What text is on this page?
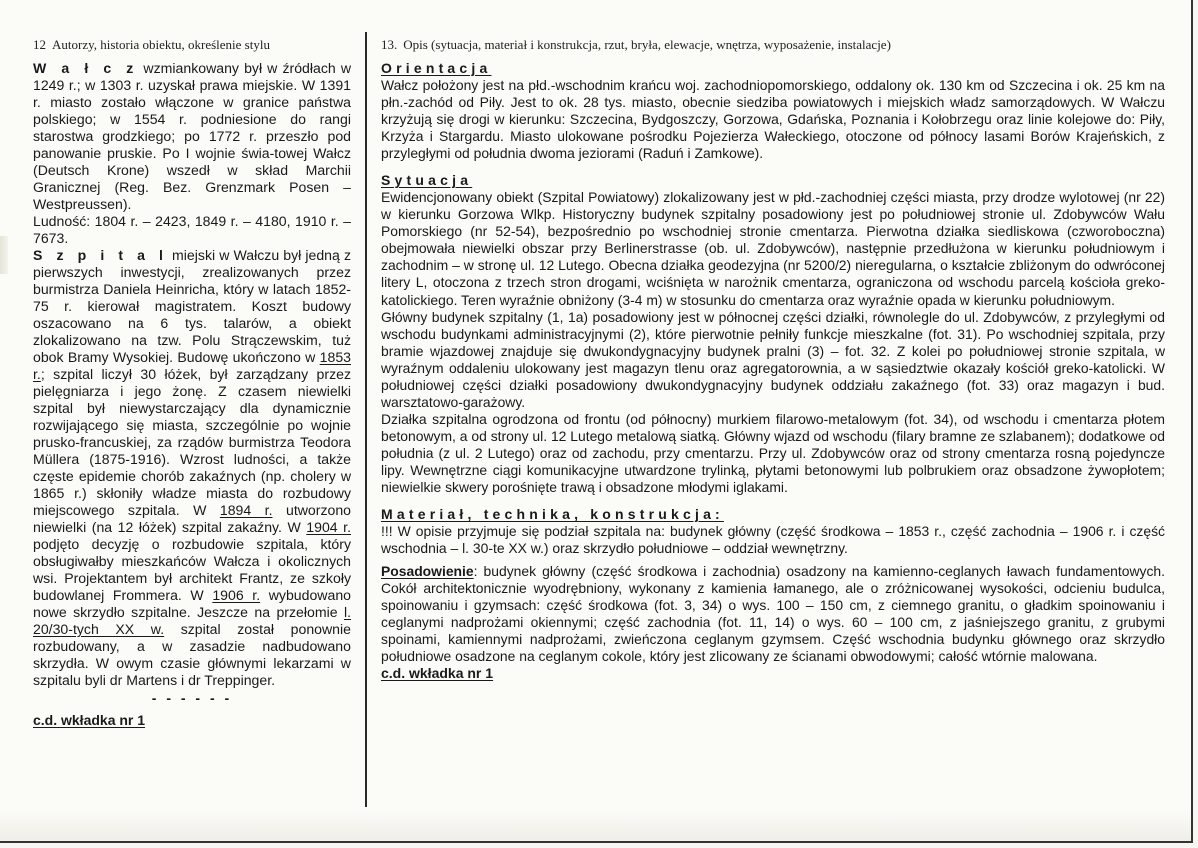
12 Autorzy, historia obiektu, określenie stylu

W a ł c z wzmiankowany był w źródłach w 1249 r.; w 1303 r. uzyskał prawa miejskie. W 1391 r. miasto zostało włączone w granice państwa polskiego; w 1554 r. podniesione do rangi starostwa grodzkiego; po 1772 r. przeszło pod panowanie pruskie. Po I wojnie świa-towej Wałcz (Deutsch Krone) wszedł w skład Marchii Granicznej (Reg. Bez. Grenzmark Posen – Westpreussen).

Ludność: 1804 r. – 2423, 1849 r. – 4180, 1910 r. – 7673.

S z p i t a l miejski w Wałczu był jedną z pierwszych inwestycji, zrealizowanych przez burmistrza Daniela Heinricha, który w latach 1852-75 r. kierował magistratem. Koszt budowy oszacowano na 6 tys. talarów, a obiekt zlokalizowano na tzw. Polu Strączewskim, tuż obok Bramy Wysokiej. Budowę ukończono w 1853 r.; szpital liczył 30 łóżek, był zarządzany przez pielęgniarza i jego żonę. Z czasem niewielki szpital był niewystarczający dla dynamicznie rozwijającego się miasta, szczególnie po wojnie prusko-francuskiej, za rządów burmistrza Teodora Müllera (1875-1916). Wzrost ludności, a także częste epidemie chorób zakaźnych (np. cholery w 1865 r.) skłoniły władze miasta do rozbudowy miejscowego szpitala. W 1894 r. utworzono niewielki (na 12 łóżek) szpital zakaźny. W 1904 r. podjęto decyzję o rozbudowie szpitala, który obsługiwałby mieszkańców Wałcza i okolicznych wsi. Projektantem był architekt Frantz, ze szkoły budowlanej Frommera. W 1906 r. wybudowano nowe skrzydło szpitalne. Jeszcze na przełomie l. 20/30-tych XX w. szpital został ponownie rozbudowany, a w zasadzie nadbudowano skrzydła. W owym czasie głównymi lekarzami w szpitalu byli dr Martens i dr Treppinger.

- - - - - -

c.d. wkładka nr 1
13. Opis (sytuacja, materiał i konstrukcja, rzut, bryła, elewacje, wnętrza, wyposażenie, instalacje)

Orientacja

Wałcz położony jest na płd.-wschodnim krańcu woj. zachodniopomorskiego, oddalony ok. 130 km od Szczecina i ok. 25 km na płn.-zachód od Piły. Jest to ok. 28 tys. miasto, obecnie siedziba powiatowych i miejskich władz samorządowych. W Wałczu krzyżują się drogi w kierunku: Szczecina, Bydgoszczy, Gorzowa, Gdańska, Poznania i Kołobrzegu oraz linie kolejowe do: Piły, Krzyża i Stargardu. Miasto ulokowane pośrodku Pojezierza Wałeckiego, otoczone od północy lasami Borów Krajeńskich, z przyległymi od południa dwoma jeziorami (Raduń i Zamkowe).

Sytuacja

Ewidencjonowany obiekt (Szpital Powiatowy) zlokalizowany jest w płd.-zachodniej części miasta, przy drodze wylotowej (nr 22) w kierunku Gorzowa Wlkp. Historyczny budynek szpitalny posadowiony jest po południowej stronie ul. Zdobywców Wału Pomorskiego (nr 52-54), bezpośrednio po wschodniej stronie cmentarza. Pierwotna działka siedliskowa (czworoboczna) obejmowała niewielki obszar przy Berlinerstrasse (ob. ul. Zdobywców), następnie przedłużona w kierunku południowym i zachodnim – w stronę ul. 12 Lutego. Obecna działka geodezyjna (nr 5200/2) nieregularna, o kształcie zbliżonym do odwróconej litery L, otoczona z trzech stron drogami, wciśnięta w narożnik cmentarza, ograniczona od wschodu parcelą kościoła greko-katolickiego. Teren wyraźnie obniżony (3-4 m) w stosunku do cmentarza oraz wyraźnie opada w kierunku południowym.

Główny budynek szpitalny (1, 1a) posadowiony jest w północnej części działki, równolegle do ul. Zdobywców, z przyległymi od wschodu budynkami administracyjnymi (2), które pierwotnie pełniły funkcje mieszkalne (fot. 31). Po wschodniej szpitala, przy bramie wjazdowej znajduje się dwukondygnacyjny budynek pralni (3) – fot. 32. Z kolei po południowej stronie szpitala, w wyraźnym oddaleniu ulokowany jest magazyn tlenu oraz agregatorownia, a w sąsiedztwie okazały kościół greko-katolicki. W południowej części działki posadowiony dwukondygnacyjny budynek oddziału zakaźnego (fot. 33) oraz magazyn i bud. warsztatowo-garażowy.

Działka szpitalna ogrodzona od frontu (od północny) murkiem filarowo-metalowym (fot. 34), od wschodu i cmentarza płotem betonowym, a od strony ul. 12 Lutego metalową siatką. Główny wjazd od wschodu (filary bramne ze szlabanem); dodatkowe od południa (z ul. 2 Lutego) oraz od zachodu, przy cmentarzu. Przy ul. Zdobywców oraz od strony cmentarza rosną pojedyncze lipy. Wewnętrzne ciągi komunikacyjne utwardzone trylinką, płytami betonowymi lub polbrukiem oraz obsadzone żywopłotem; niewielkie skwery porośnięte trawą i obsadzone młodymi iglakami.

Materiał, technika, konstrukcja:

!!! W opisie przyjmuje się podział szpitala na: budynek główny (część środkowa – 1853 r., część zachodnia – 1906 r. i część wschodnia – l. 30-te XX w.) oraz skrzydło południowe – oddział wewnętrzny.

Posadowienie: budynek główny (część środkowa i zachodnia) osadzony na kamienno-ceglanych ławach fundamentowych. Cokół architektonicznie wyodrębniony, wykonany z kamienia łamanego, ale o zróżnicowanej wysokości, odcieniu budulca, spoinowaniu i gzymsach: część środkowa (fot. 3, 34) o wys. 100 – 150 cm, z ciemnego granitu, o gładkim spoinowaniu i ceglanymi nadprożami okiennymi; część zachodnia (fot. 11, 14) o wys. 60 – 100 cm, z jaśniejszego granitu, z grubymi spoinami, kamiennymi nadprożami, zwieńczona ceglanym gzymsem. Część wschodnia budynku głównego oraz skrzydło południowe osadzone na ceglanym cokole, który jest zlicowany ze ścianami obwodowymi; całość wtórnie malowana.

c.d. wkładka nr 1
